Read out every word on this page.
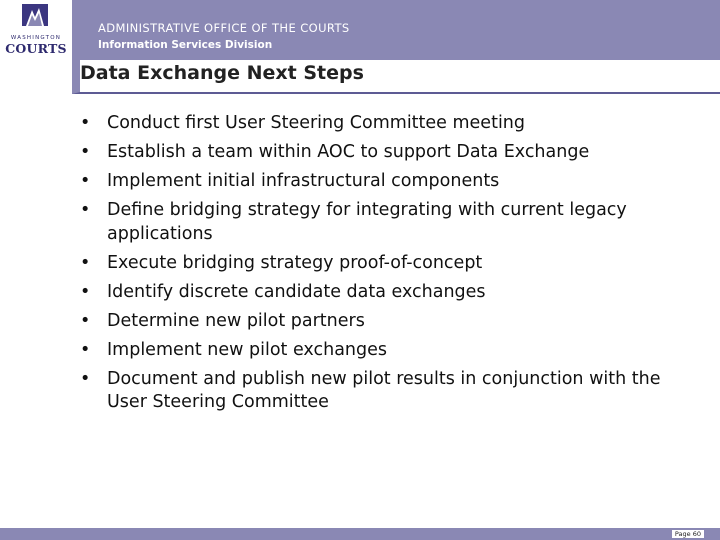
WASHINGTON
COURTS
ADMINISTRATIVE OFFICE OF THE COURTS
Information Services Division
Data Exchange Next Steps
• Conduct first User Steering Committee meeting
• Establish a team within AOC to support Data Exchange
• Implement initial infrastructural components
• Define bridging strategy for integrating with current legacy applications
• Execute bridging strategy proof-of-concept
• Identify discrete candidate data exchanges
• Determine new pilot partners
• Implement new pilot exchanges
• Document and publish new pilot results in conjunction with the User Steering Committee
Page 60
